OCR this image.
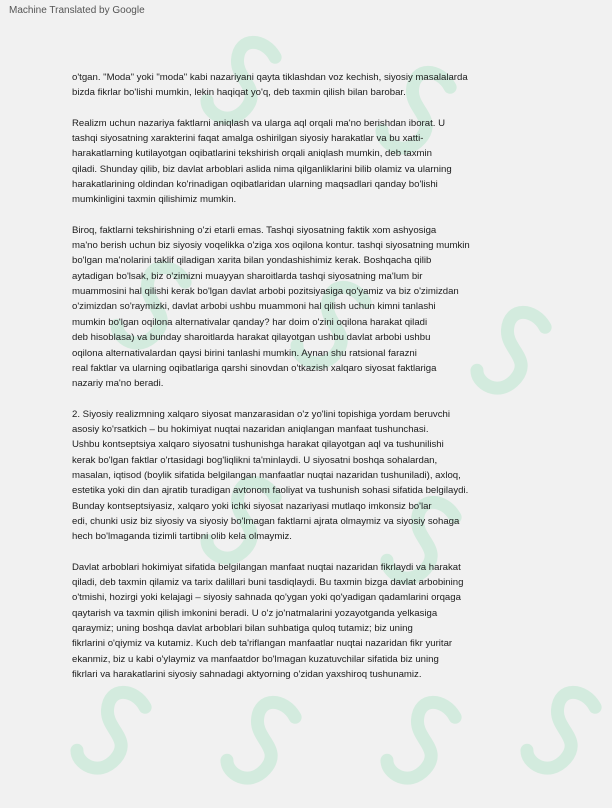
Machine Translated by Google

o'tgan. "Moda" yoki "moda" kabi nazariyani qayta tiklashdan voz kechish, siyosiy masalalarda
bizda fikrlar bo'lishi mumkin, lekin haqiqat yo'q, deb taxmin qilish bilan barobar.

Realizm uchun nazariya faktlarni aniqlash va ularga aql orqali ma'no berishdan iborat. U
tashqi siyosatning xarakterini faqat amalga oshirilgan siyosiy harakatlar va bu xatti-
harakatlarning kutilayotgan oqibatlarini tekshirish orqali aniqlash mumkin, deb taxmin
qiladi. Shunday qilib, biz davlat arboblari aslida nima qilganliklarini bilib olamiz va ularning
harakatlarining oldindan ko'rinadigan oqibatlaridan ularning maqsadlari qanday bo'lishi
mumkinligini taxmin qilishimiz mumkin.

Biroq, faktlarni tekshirishning o'zi etarli emas. Tashqi siyosatning faktik xom ashyosiga
ma'no berish uchun biz siyosiy voqelikka o'ziga xos oqilona kontur. tashqi siyosatning mumkin
bo'lgan ma'nolarini taklif qiladigan xarita bilan yondashishimiz kerak. Boshqacha qilib
aytadigan bo'lsak, biz o'zimizni muayyan sharoitlarda tashqi siyosatning ma'lum bir
muammosini hal qilishi kerak bo'lgan davlat arbobi pozitsiyasiga qo'yamiz va biz o'zimizdan
o'zimizdan so'raymizki, davlat arbobi ushbu muammoni hal qilish uchun kimni tanlashi
mumkin bo'lgan oqilona alternativalar qanday? har doim o'zini oqilona harakat qiladi
deb hisoblasa) va bunday sharoitlarda harakat qilayotgan ushbu davlat arbobi ushbu
oqilona alternativalardan qaysi birini tanlashi mumkin. Aynan shu ratsional farazni
real faktlar va ularning oqibatlariga qarshi sinovdan o'tkazish xalqaro siyosat faktlariga
nazariy ma'no beradi.

2. Siyosiy realizmning xalqaro siyosat manzarasidan o'z yo'lini topishiga yordam beruvchi
asosiy ko'rsatkich – bu hokimiyat nuqtai nazaridan aniqlangan manfaat tushunchasi.
Ushbu kontseptsiya xalqaro siyosatni tushunishga harakat qilayotgan aql va tushunilishi
kerak bo'lgan faktlar o'rtasidagi bog'liqlikni ta'minlaydi. U siyosatni boshqa sohalardan,
masalan, iqtisod (boylik sifatida belgilangan manfaatlar nuqtai nazaridan tushuniladi), axloq,
estetika yoki din dan ajratib turadigan avtonom faoliyat va tushunish sohasi sifatida belgilaydi.
Bunday kontseptsiyasiz, xalqaro yoki ichki siyosat nazariyasi mutlaqo imkonsiz bo'lar
edi, chunki usiz biz siyosiy va siyosiy bo'lmagan faktlarni ajrata olmaymiz va siyosiy sohaga
hech bo'lmaganda tizimli tartibni olib kela olmaymiz.

Davlat arboblari hokimiyat sifatida belgilangan manfaat nuqtai nazaridan fikrlaydi va harakat
qiladi, deb taxmin qilamiz va tarix dalillari buni tasdiqlaydi. Bu taxmin bizga davlat arbobining
o'tmishi, hozirgi yoki kelajagi – siyosiy sahnada qo'ygan yoki qo'yadigan qadamlarini orqaga
qaytarish va taxmin qilish imkonini beradi. U o'z jo'natmalarini yozayotganda yelkasiga
qaraymiz; uning boshqa davlat arboblari bilan suhbatiga quloq tutamiz; biz uning
fikrlarini o'qiymiz va kutamiz. Kuch deb ta'riflangan manfaatlar nuqtai nazaridan fikr yuritar
ekanmiz, biz u kabi o'ylaymiz va manfaatdor bo'lmagan kuzatuvchilar sifatida biz uning
fikrlari va harakatlarini siyosiy sahnadagi aktyorning o'zidan yaxshiroq tushunamiz.
